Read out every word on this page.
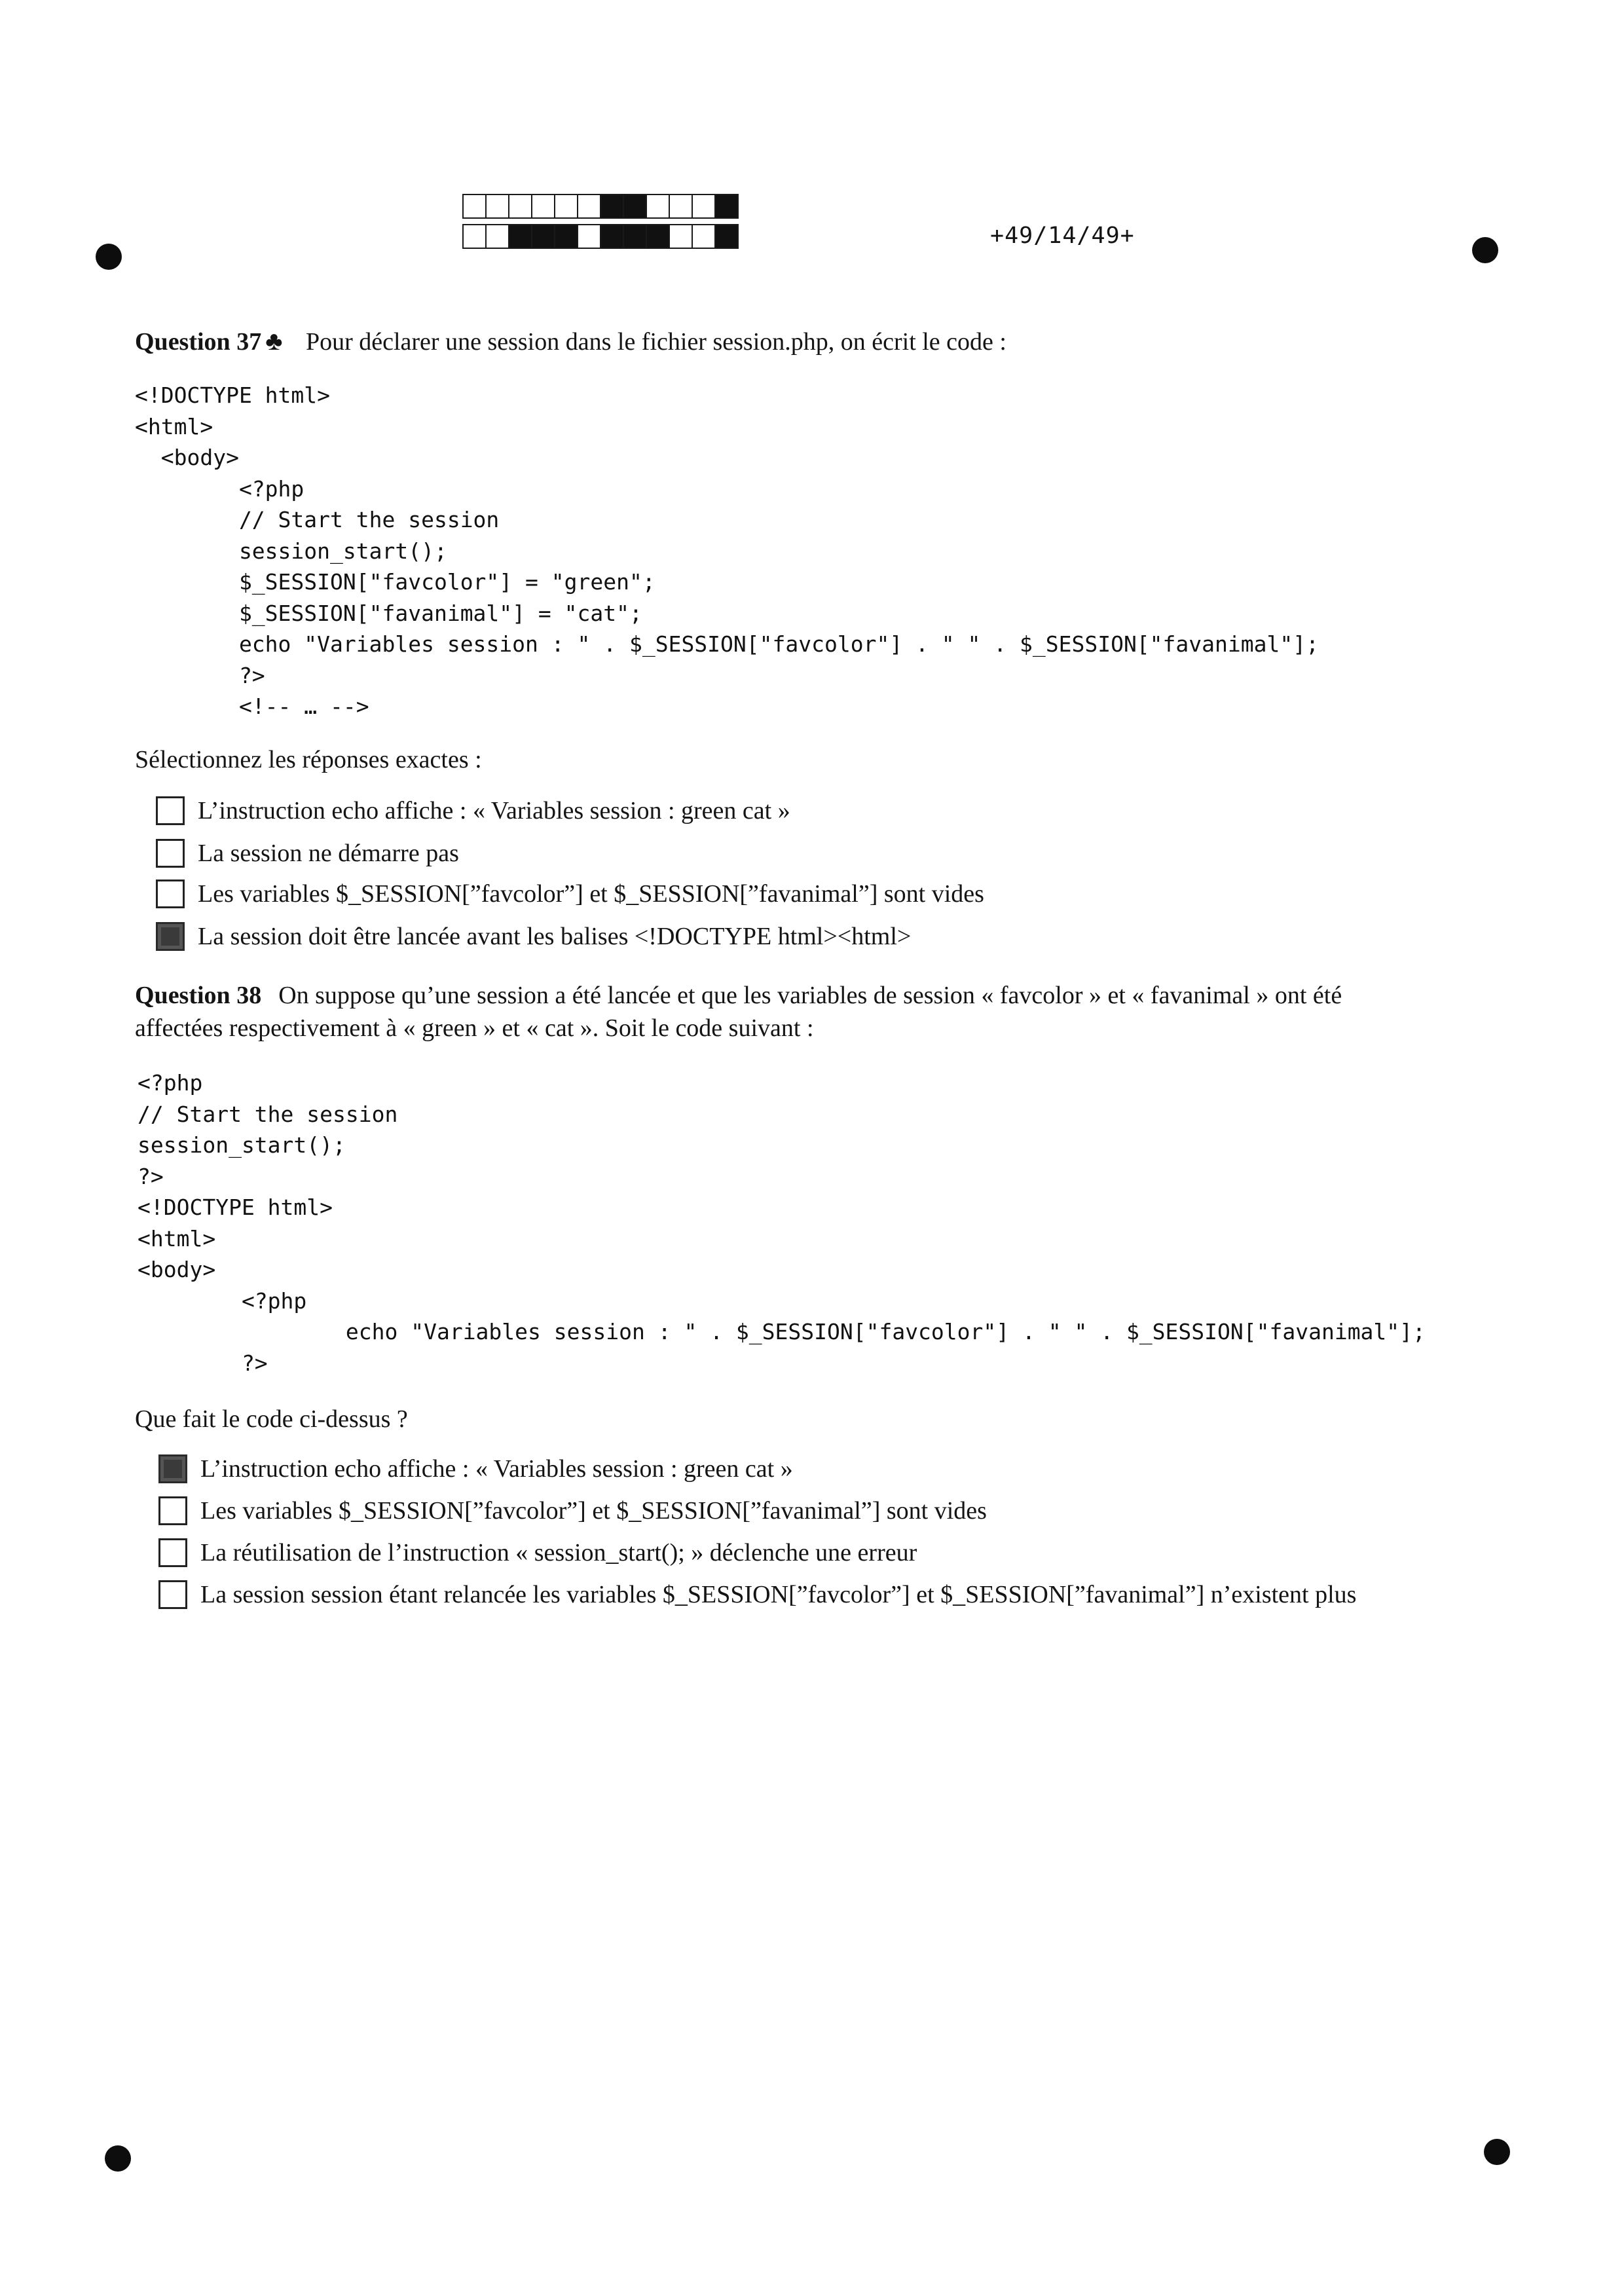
+49/14/49+
Question 37 ♣ Pour déclarer une session dans le fichier session.php, on écrit le code :
<!DOCTYPE html>
<html>
<body>
<?php
// Start the session
session_start();
$_SESSION["favcolor"] = "green";
$_SESSION["favanimal"] = "cat";
echo "Variables session : " . $_SESSION["favcolor"] . " " . $_SESSION["favanimal"];
?>
<!-- … -->
Sélectionnez les réponses exactes :
L’instruction echo affiche : « Variables session : green cat »
La session ne démarre pas
Les variables $_SESSION[”favcolor”] et $_SESSION[”favanimal”] sont vides
La session doit être lancée avant les balises <!DOCTYPE html><html>
Question 38 On suppose qu’une session a été lancée et que les variables de session « favcolor » et « favanimal » ont été
affectées respectivement à « green » et « cat ». Soit le code suivant :
<?php
// Start the session
session_start();
?>
<!DOCTYPE html>
<html>
<body>
<?php
echo "Variables session : " . $_SESSION["favcolor"] . " " . $_SESSION["favanimal"];
?>
Que fait le code ci-dessus ?
L’instruction echo affiche : « Variables session : green cat »
Les variables $_SESSION[”favcolor”] et $_SESSION[”favanimal”] sont vides
La réutilisation de l’instruction « session_start(); » déclenche une erreur
La session session étant relancée les variables $_SESSION[”favcolor”] et $_SESSION[”favanimal”] n’existent plus
